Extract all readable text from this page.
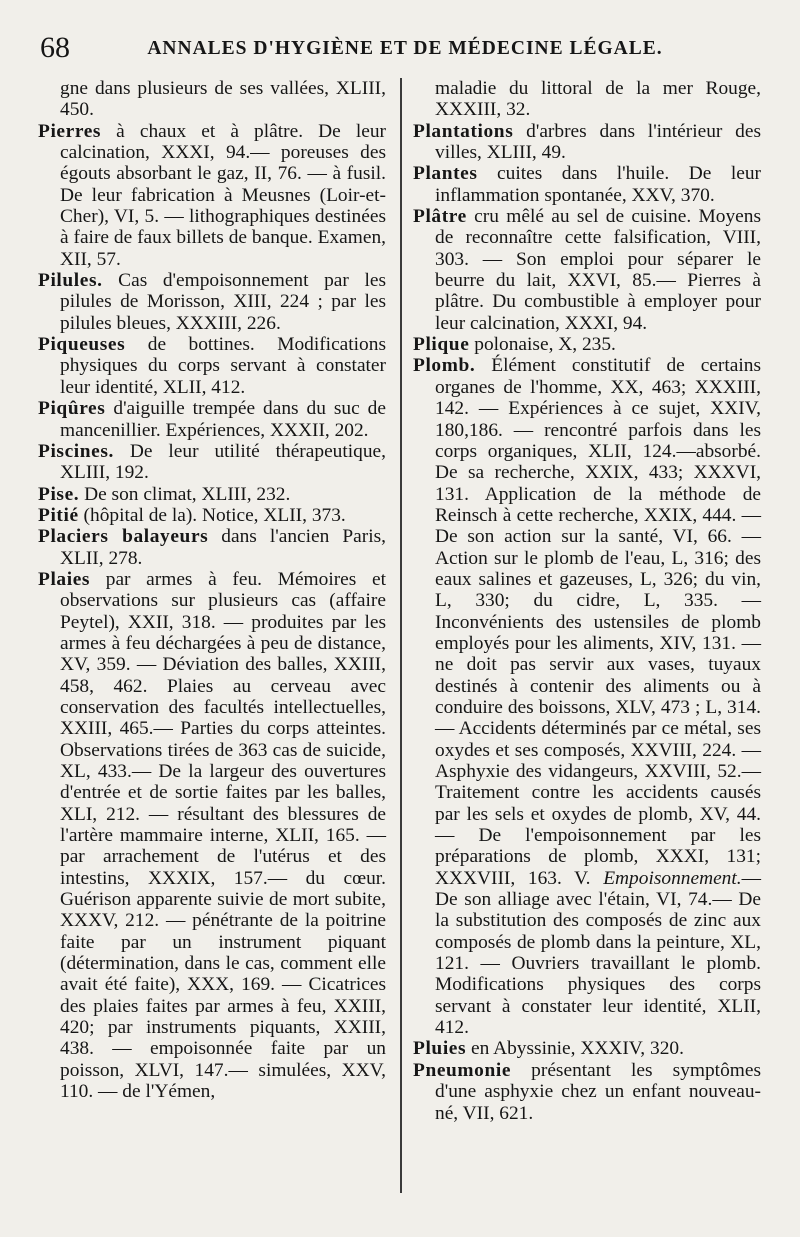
68	ANNALES D'HYGIÈNE ET DE MÉDECINE LÉGALE.

gne dans plusieurs de ses vallées, XLIII, 450.

Pierres à chaux et à plâtre. De leur calcination, XXXI, 94.— poreuses des égouts absorbant le gaz, II, 76. — à fusil. De leur fabrication à Meusnes (Loir-et-Cher), VI, 5. — lithographiques destinées à faire de faux billets de banque. Examen, XII, 57.

Pilules. Cas d'empoisonnement par les pilules de Morisson, XIII, 224 ; par les pilules bleues, XXXIII, 226.

Piqueuses de bottines. Modifications physiques du corps servant à constater leur identité, XLII, 412.

Piqûres d'aiguille trempée dans du suc de mancenillier. Expériences, XXXII, 202.

Piscines. De leur utilité thérapeutique, XLIII, 192.

Pise. De son climat, XLIII, 232.

Pitié (hôpital de la). Notice, XLII, 373.

Placiers balayeurs dans l'ancien Paris, XLII, 278.

Plaies par armes à feu. Mémoires et observations sur plusieurs cas (affaire Peytel), XXII, 318. — produites par les armes à feu déchargées à peu de distance, XV, 359. — Déviation des balles, XXIII, 458, 462. Plaies au cerveau avec conservation des facultés intellectuelles, XXIII, 465.— Parties du corps atteintes. Observations tirées de 363 cas de suicide, XL, 433.— De la largeur des ouvertures d'entrée et de sortie faites par les balles, XLI, 212. — résultant des blessures de l'artère mammaire interne, XLII, 165. — par arrachement de l'utérus et des intestins, XXXIX, 157.— du cœur. Guérison apparente suivie de mort subite, XXXV, 212. — pénétrante de la poitrine faite par un instrument piquant (détermination, dans le cas, comment elle avait été faite), XXX, 169. — Cicatrices des plaies faites par armes à feu, XXIII, 420; par instruments piquants, XXIII, 438. — empoisonnée faite par un poisson, XLVI, 147.— simulées, XXV, 110. — de l'Yémen,

maladie du littoral de la mer Rouge, XXXIII, 32.

Plantations d'arbres dans l'intérieur des villes, XLIII, 49.

Plantes cuites dans l'huile. De leur inflammation spontanée, XXV, 370.

Plâtre cru mêlé au sel de cuisine. Moyens de reconnaître cette falsification, VIII, 303. — Son emploi pour séparer le beurre du lait, XXVI, 85.— Pierres à plâtre. Du combustible à employer pour leur calcination, XXXI, 94.

Plique polonaise, X, 235.

Plomb. Élément constitutif de certains organes de l'homme, XX, 463; XXXIII, 142. — Expériences à ce sujet, XXIV, 180,186. — rencontré parfois dans les corps organiques, XLII, 124.—absorbé. De sa recherche, XXIX, 433; XXXVI, 131. Application de la méthode de Reinsch à cette recherche, XXIX, 444. — De son action sur la santé, VI, 66. — Action sur le plomb de l'eau, L, 316; des eaux salines et gazeuses, L, 326; du vin, L, 330; du cidre, L, 335. — Inconvénients des ustensiles de plomb employés pour les aliments, XIV, 131. — ne doit pas servir aux vases, tuyaux destinés à contenir des aliments ou à conduire des boissons, XLV, 473 ; L, 314. — Accidents déterminés par ce métal, ses oxydes et ses composés, XXVIII, 224. — Asphyxie des vidangeurs, XXVIII, 52.— Traitement contre les accidents causés par les sels et oxydes de plomb, XV, 44. — De l'empoisonnement par les préparations de plomb, XXXI, 131; XXXVIII, 163. V. Empoisonnement.— De son alliage avec l'étain, VI, 74.— De la substitution des composés de zinc aux composés de plomb dans la peinture, XL, 121. — Ouvriers travaillant le plomb. Modifications physiques des corps servant à constater leur identité, XLII, 412.

Pluies en Abyssinie, XXXIV, 320.

Pneumonie présentant les symptômes d'une asphyxie chez un enfant nouveau-né, VII, 621.
